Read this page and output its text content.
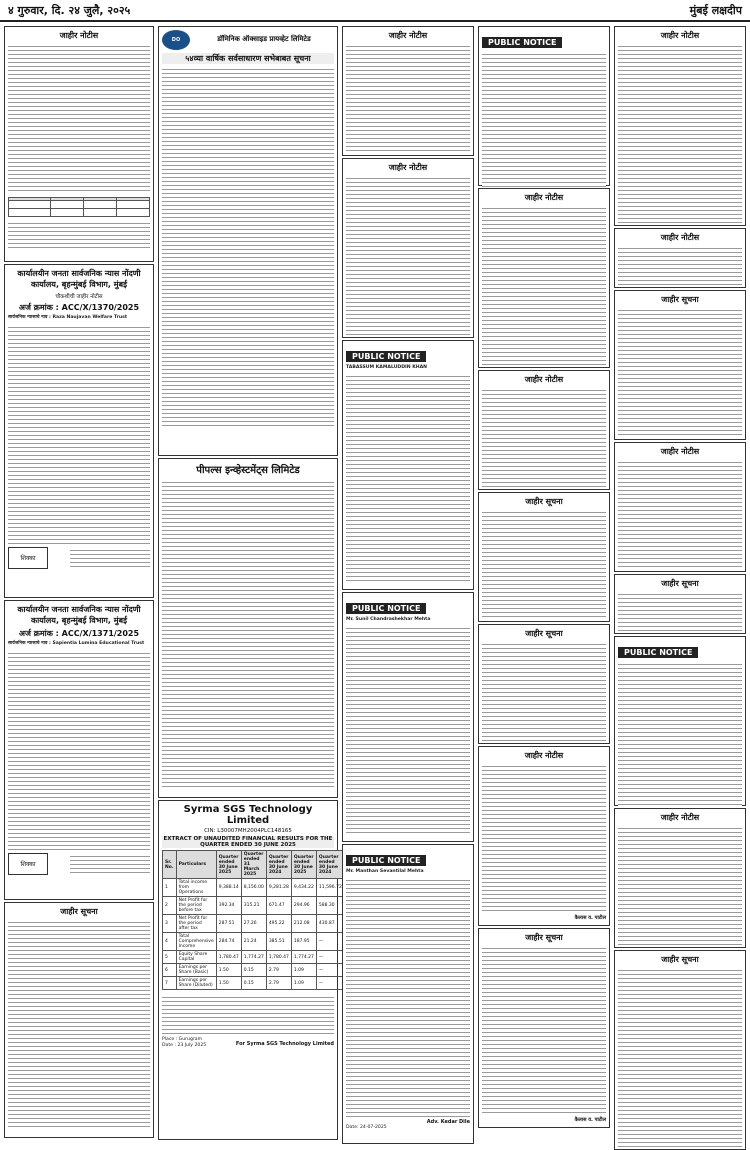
४ गुरुवार, दि. २४ जुलै, २०२५	मुंबई लक्षदीप
जाहीर नोटीस

कार्यालयीन जनता सार्वजनिक न्यास नोंदणी कार्यालय, बृहन्मुंबई विभाग, मुंबई
चौकशीची जाहीर नोटीस
अर्ज क्रमांक : ACC/X/1370/2025
सार्वजनिक न्यासाचे नाव : Raza Naujavan Welfare Trust
शिक्का
कार्यालयीन जनता सार्वजनिक न्यास नोंदणी कार्यालय, बृहन्मुंबई विभाग, मुंबई
अर्ज क्रमांक : ACC/X/1371/2025
सार्वजनिक न्यासाचे नाव : Sapientia Lumina Educational Trust
शिक्का
जाहीर सूचना
DO	डॉमिनिक ऑक्साइड प्रायव्हेट लिमिटेड
५४व्या वार्षिक सर्वसाधारण सभेबाबत सूचना
पीपल्स इन्व्हेस्टमेंट्स लिमिटेड
Syrma SGS Technology Limited
CIN: L30007MH2004PLC148165
EXTRACT OF UNAUDITED FINANCIAL RESULTS FOR THE QUARTER ENDED 30 JUNE 2025
Sr. No.	Particulars	Quarter ended 30 June 2025	Quarter ended 31 March 2025	Quarter ended 30 June 2024	Quarter ended 30 June 2025	Quarter ended 30 June 2024
1	Total income from Operations	9,388.14	8,156.00	9,281.28	9,434.22	11,596.72
2	Net Profit for the period before tax	392.34	315.21	671.47	294.96	588.30
3	Net Profit for the period after tax	287.51	27.26	495.22	212.08	430.87
4	Total Comprehensive Income	284.74	21.24	385.51	187.95	—
5	Equity Share Capital	1,780.47	1,774.27	1,780.47	1,774.27	—
6	Earnings per Share (Basic)	1.50	0.15	2.79	1.09	—
7	Earnings per Share (Diluted)	1.50	0.15	2.79	1.09	—
Place : Gurugram
Date : 23 July 2025	For Syrma SGS Technology Limited
जाहीर नोटीस
जाहीर नोटीस
PUBLIC NOTICE
TABASSUM KAMALUDDIN KHAN
PUBLIC NOTICE
Mr. Sunil Chandrashekhar Mehta
PUBLIC NOTICE
Mr. Manthan Sevantilal Mehta
Adv. Kedar Dile
Date: 24-07-2025
PUBLIC NOTICE
जाहीर नोटीस
जाहीर नोटीस
जाहीर सूचना
जाहीर सूचना
जाहीर नोटीस
कैलास व. पाटील
जाहीर सूचना
कैलास व. पाटील
जाहीर नोटीस
जाहीर नोटीस
जाहीर सूचना
जाहीर नोटीस
जाहीर सूचना
PUBLIC NOTICE
जाहीर नोटीस
जाहीर सूचना
